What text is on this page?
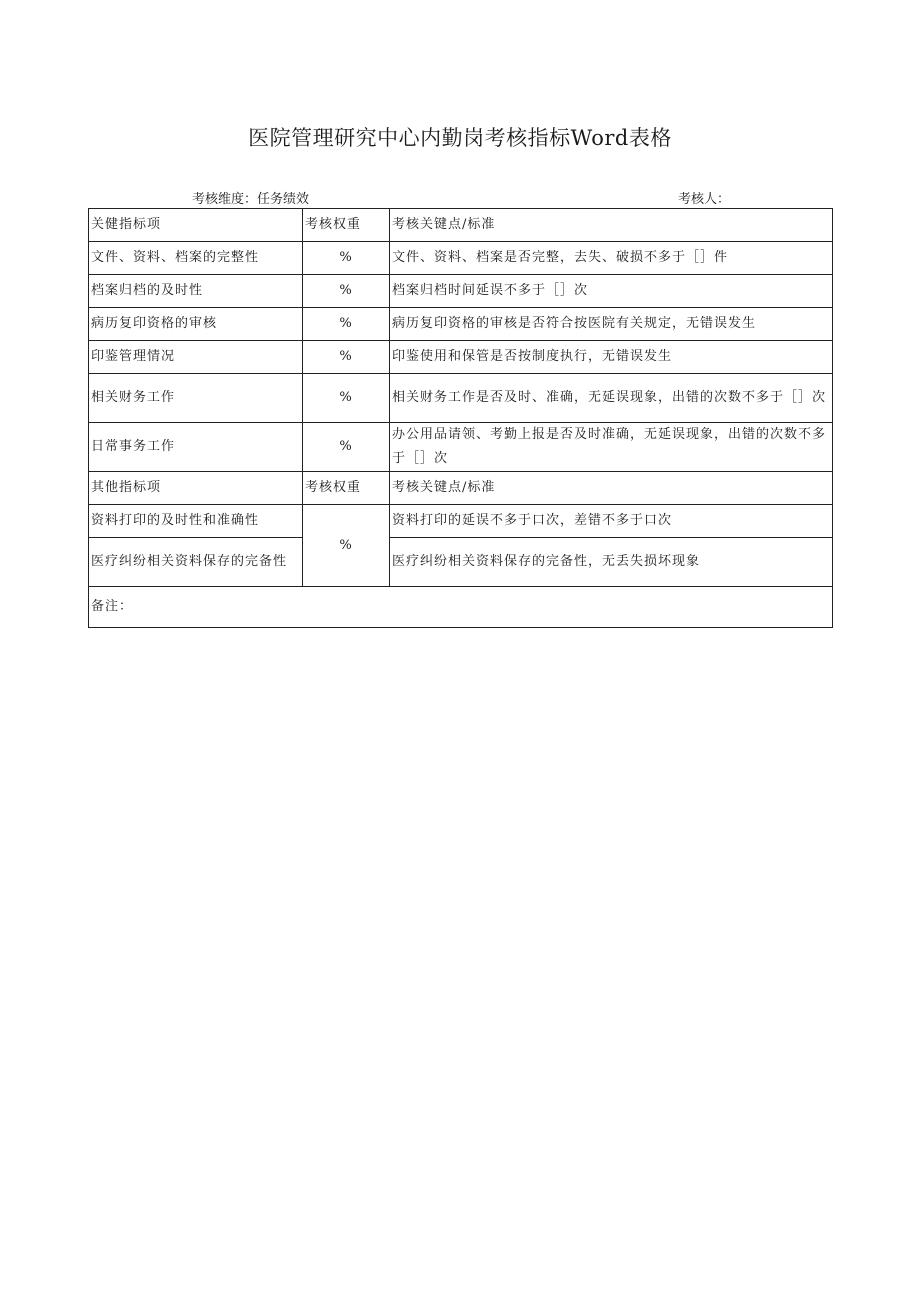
医院管理研究中心内勤岗考核指标Word表格
考核维度：任务绩效	考核人：
关健指标项	考核权重	考核关键点/标准
文件、资料、档案的完整性	%	文件、资料、档案是否完整，去失、破损不多于［］件
档案归档的及时性	%	档案归档时间延误不多于［］次
病历复印资格的审核	%	病历复印资格的审核是否符合按医院有关规定，无错误发生
印鉴管理情况	%	印鉴使用和保管是否按制度执行，无错误发生
相关财务工作	%	相关财务工作是否及时、准确，无延误现象，出错的次数不多于［］次
日常事务工作	%	办公用品请领、考勤上报是否及时准确，无延误现象，出错的次数不多于［］次
其他指标项	考核权重	考核关键点/标准
资料打印的及时性和准确性	%	资料打印的延误不多于口次，差错不多于口次
医疗纠纷相关资料保存的完备性		医疗纠纷相关资料保存的完备性，无丢失损坏现象
备注：		
